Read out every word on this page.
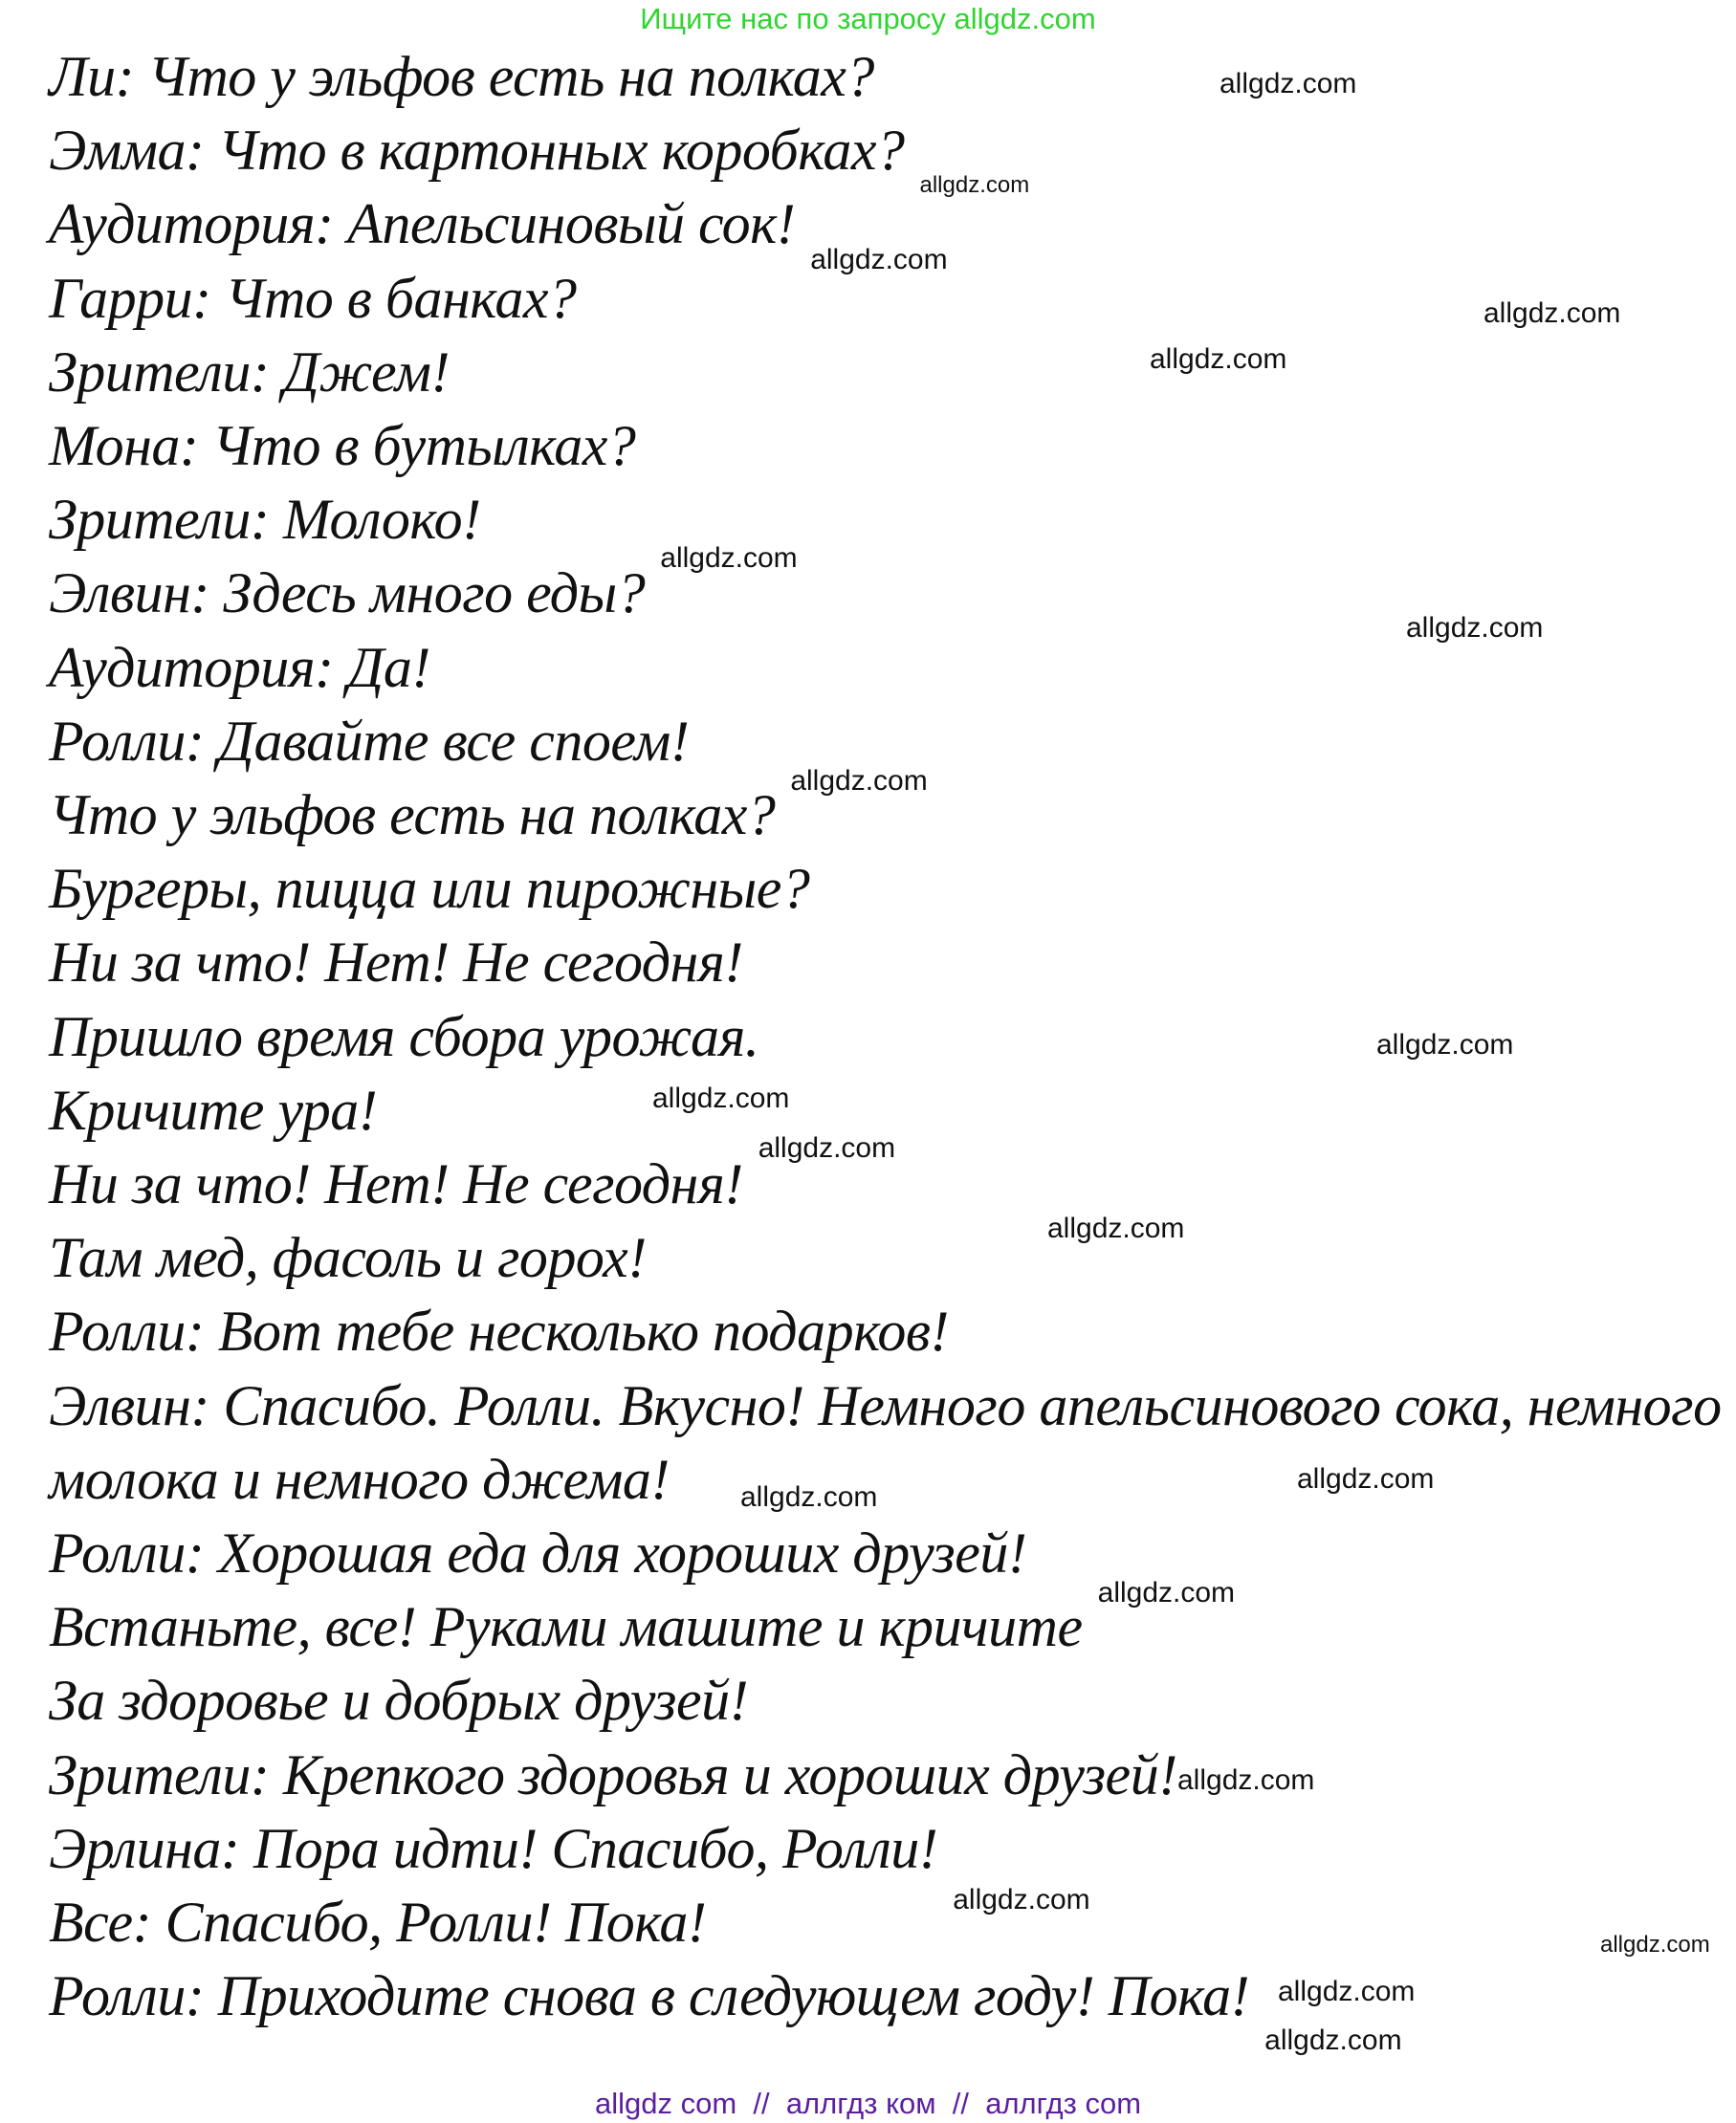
Ищите нас по запросу allgdz.com
Ли: Что у эльфов есть на полках?
Эмма: Что в картонных коробках?
Аудитория: Апельсиновый сок!
Гарри: Что в банках?
Зрители: Джем!
Мона: Что в бутылках?
Зрители: Молоко!
Элвин: Здесь много еды?
Аудитория: Да!
Ролли: Давайте все споем!
Что у эльфов есть на полках?
Бургеры, пицца или пирожные?
Ни за что! Нет! Не сегодня!
Пришло время сбора урожая.
Кричите ура!
Ни за что! Нет! Не сегодня!
Там мед, фасоль и горох!
Ролли: Вот тебе несколько подарков!
Элвин: Спасибо. Ролли. Вкусно! Немного апельсинового сока, немного
молока и немного джема!
Ролли: Хорошая еда для хороших друзей!
Встаньте, все! Руками машите и кричите
За здоровье и добрых друзей!
Зрители: Крепкого здоровья и хороших друзей!
Эрлина: Пора идти! Спасибо, Ролли!
Все: Спасибо, Ролли! Пока!
Ролли: Приходите снова в следующем году! Пока!
allgdz.com
allgdz.com
allgdz.com
allgdz.com
allgdz.com
allgdz.com
allgdz.com
allgdz.com
allgdz.com
allgdz.com
allgdz.com
allgdz.com
allgdz.com
allgdz.com
allgdz.com
allgdz.com
allgdz.com
allgdz.com
allgdz.com
allgdz.com
allgdz com  //  аллгдз ком  //  аллгдз com
